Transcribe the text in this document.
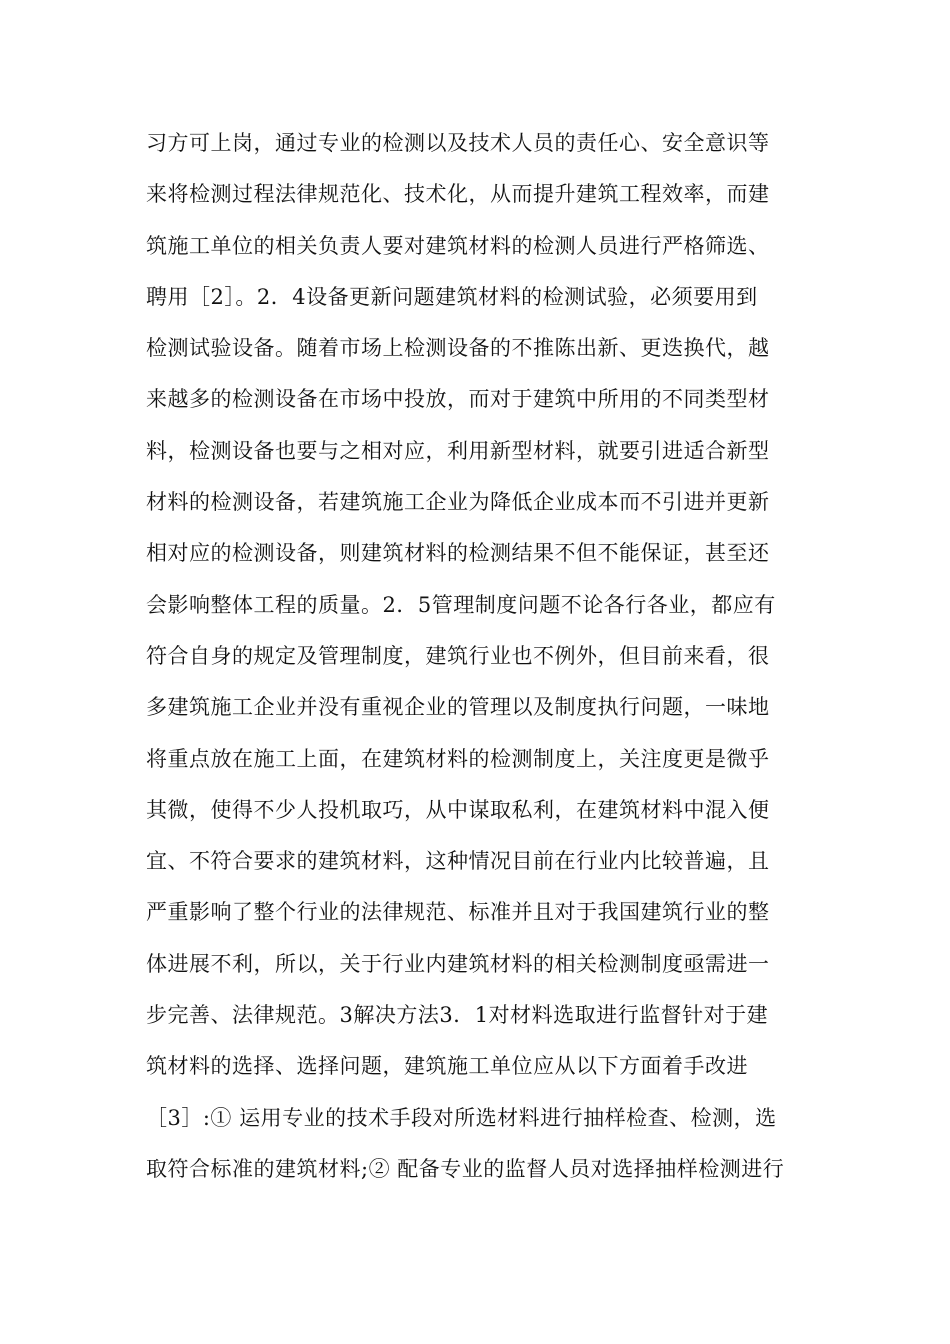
习方可上岗，通过专业的检测以及技术人员的责任心、安全意识等
来将检测过程法律规范化、技术化，从而提升建筑工程效率，而建
筑施工单位的相关负责人要对建筑材料的检测人员进行严格筛选、
聘用［2］。2．4设备更新问题建筑材料的检测试验，必须要用到
检测试验设备。随着市场上检测设备的不推陈出新、更迭换代，越
来越多的检测设备在市场中投放，而对于建筑中所用的不同类型材
料，检测设备也要与之相对应，利用新型材料，就要引进适合新型
材料的检测设备，若建筑施工企业为降低企业成本而不引进并更新
相对应的检测设备，则建筑材料的检测结果不但不能保证，甚至还
会影响整体工程的质量。2．5管理制度问题不论各行各业，都应有
符合自身的规定及管理制度，建筑行业也不例外，但目前来看，很
多建筑施工企业并没有重视企业的管理以及制度执行问题，一味地
将重点放在施工上面，在建筑材料的检测制度上，关注度更是微乎
其微，使得不少人投机取巧，从中谋取私利，在建筑材料中混入便
宜、不符合要求的建筑材料，这种情况目前在行业内比较普遍，且
严重影响了整个行业的法律规范、标准并且对于我国建筑行业的整
体进展不利，所以，关于行业内建筑材料的相关检测制度亟需进一
步完善、法律规范。3解决方法3．1对材料选取进行监督针对于建
筑材料的选择、选择问题，建筑施工单位应从以下方面着手改进
［3］:① 运用专业的技术手段对所选材料进行抽样检查、检测，选
取符合标准的建筑材料;② 配备专业的监督人员对选择抽样检测进行
